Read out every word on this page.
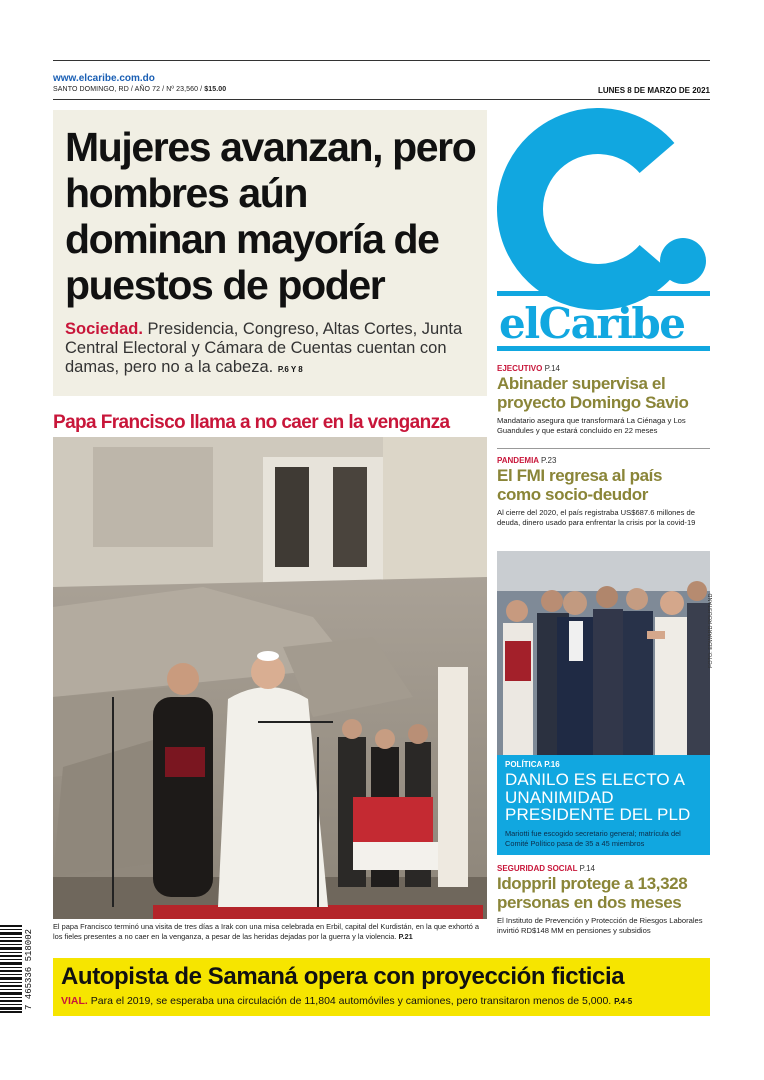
www.elcaribe.com.do
SANTO DOMINGO, RD / AÑO 72 / Nº 23,560 / $15.00	LUNES 8 DE MARZO DE 2021
Mujeres avanzan, pero hombres aún dominan mayoría de puestos de poder

Sociedad. Presidencia, Congreso, Altas Cortes, Junta Central Electoral y Cámara de Cuentas cuentan con damas, pero no a la cabeza. P.6 Y 8

Papa Francisco llama a no caer en la venganza
El papa Francisco terminó una visita de tres días a Irak con una misa celebrada en Erbil, capital del Kurdistán, en la que exhortó a los fieles presentes a no caer en la venganza, a pesar de las heridas dejadas por la guerra y la violencia. P.21
elCaribe
EJECUTIVO P.14
Abinader supervisa el proyecto Domingo Savio

Mandatario asegura que transformará La Ciénaga y Los Guandules y que estará concluido en 22 meses

PANDEMIA P.23
El FMI regresa al país como socio-deudor

Al cierre del 2020, el país registraba US$687.6 millones de deuda, dinero usado para enfrentar la crisis por la covid-19

FOTO: EDWARD ROUSTAND
POLÍTICA P.16
DANILO ES ELECTO A UNANIMIDAD PRESIDENTE DEL PLD

Mariotti fue escogido secretario general; matrícula del Comité Político pasa de 35 a 45 miembros

SEGURIDAD SOCIAL P.14
Idoppril protege a 13,328 personas en dos meses

El Instituto de Prevención y Protección de Riesgos Laborales invirtió RD$148 MM en pensiones y subsidios

Autopista de Samaná opera con proyección ficticia

VIAL. Para el 2019, se esperaba una circulación de 11,804 automóviles y camiones, pero transitaron menos de 5,000. P.4-5

7 465336 518002
